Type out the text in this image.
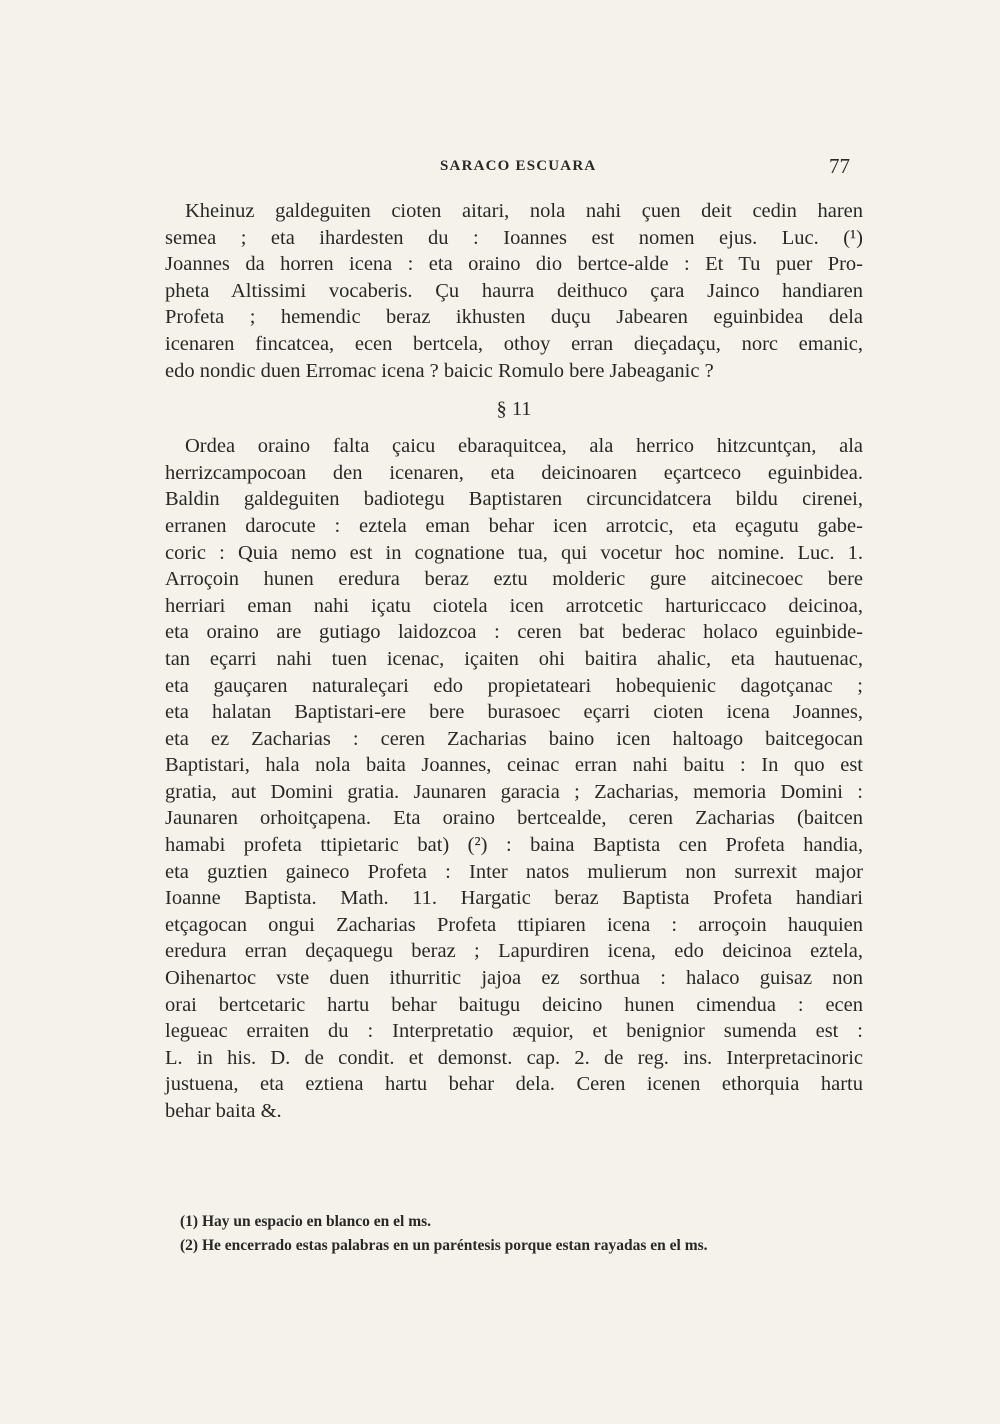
SARACO ESCUARA	77

Kheinuz galdeguiten cioten aitari, nola nahi çuen deit cedin haren
semea ; eta ihardesten du : Ioannes est nomen ejus. Luc. (¹)
Joannes da horren icena : eta oraino dio bertce-alde : Et Tu puer Pro-
pheta Altissimi vocaberis. Çu haurra deithuco çara Jainco handiaren
Profeta ; hemendic beraz ikhusten duçu Jabearen eguinbidea dela
icenaren fincatcea, ecen bertcela, othoy erran dieçadaçu, norc emanic,
edo nondic duen Erromac icena ? baicic Romulo bere Jabeaganic ?

§ 11

Ordea oraino falta çaicu ebaraquitcea, ala herrico hitzcuntçan, ala
herrizcampocoan den icenaren, eta deicinoaren eçartceco eguinbidea.
Baldin galdeguiten badiotegu Baptistaren circuncidatcera bildu cirenei,
erranen darocute : eztela eman behar icen arrotcic, eta eçagutu gabe-
coric : Quia nemo est in cognatione tua, qui vocetur hoc nomine. Luc. 1.
Arroçoin hunen eredura beraz eztu molderic gure aitcinecoec bere
herriari eman nahi içatu ciotela icen arrotcetic harturiccaco deicinoa,
eta oraino are gutiago laidozcoa : ceren bat bederac holaco eguinbide-
tan eçarri nahi tuen icenac, içaiten ohi baitira ahalic, eta hautuenac,
eta gauçaren naturaleçari edo propietateari hobequienic dagotçanac ;
eta halatan Baptistari-ere bere burasoec eçarri cioten icena Joannes,
eta ez Zacharias : ceren Zacharias baino icen haltoago baitcegocan
Baptistari, hala nola baita Joannes, ceinac erran nahi baitu : In quo est
gratia, aut Domini gratia. Jaunaren garacia ; Zacharias, memoria Domini :
Jaunaren orhoitçapena. Eta oraino bertcealde, ceren Zacharias (baitcen
hamabi profeta ttipietaric bat) (²) : baina Baptista cen Profeta handia,
eta guztien gaineco Profeta : Inter natos mulierum non surrexit major
Ioanne Baptista. Math. 11. Hargatic beraz Baptista Profeta handiari
etçagocan ongui Zacharias Profeta ttipiaren icena : arroçoin hauquien
eredura erran deçaquegu beraz ; Lapurdiren icena, edo deicinoa eztela,
Oihenartoc vste duen ithurritic jajoa ez sorthua : halaco guisaz non
orai bertcetaric hartu behar baitugu deicino hunen cimendua : ecen
legueac erraiten du : Interpretatio æquior, et benignior sumenda est :
L. in his. D. de condit. et demonst. cap. 2. de reg. ins. Interpretacinoric
justuena, eta eztiena hartu behar dela. Ceren icenen ethorquia hartu
behar baita &.

(1) Hay un espacio en blanco en el ms.
(2) He encerrado estas palabras en un paréntesis porque estan rayadas en el ms.
